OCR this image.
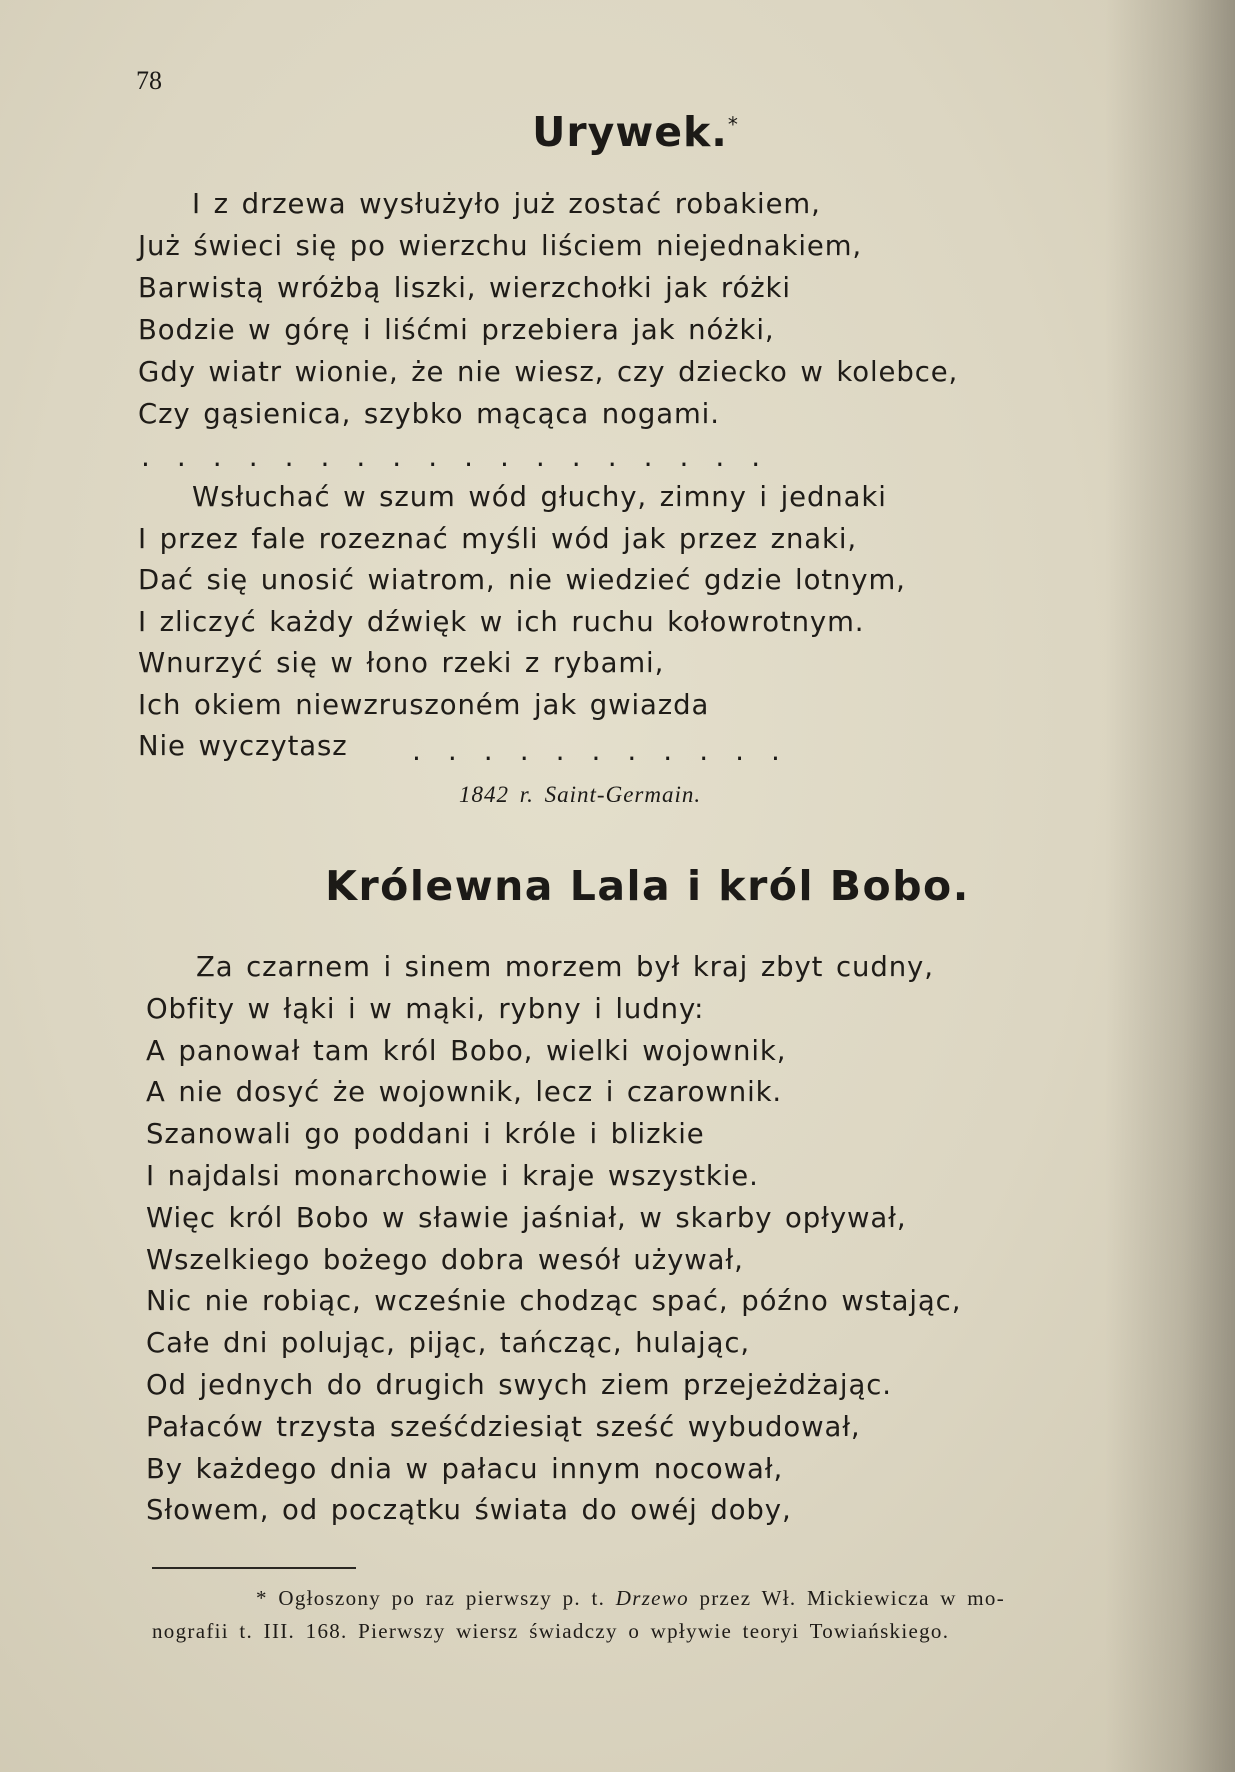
78
Urywek.*
I z drzewa wysłużyło już zostać robakiem,
Już świeci się po wierzchu liściem niejednakiem,
Barwistą wróżbą liszki, wierzchołki jak różki
Bodzie w górę i liśćmi przebiera jak nóżki,
Gdy wiatr wionie, że nie wiesz, czy dziecko w kolebce,
Czy gąsienica, szybko mącąca nogami.
..................
Wsłuchać w szum wód głuchy, zimny i jednaki
I przez fale rozeznać myśli wód jak przez znaki,
Dać się unosić wiatrom, nie wiedzieć gdzie lotnym,
I zliczyć każdy dźwięk w ich ruchu kołowrotnym.
Wnurzyć się w łono rzeki z rybami,
Ich okiem niewzruszoném jak gwiazda
Nie wyczytasz	...........
1842 r. Saint-Germain.
Królewna Lala i król Bobo.
Za czarnem i sinem morzem był kraj zbyt cudny,
Obfity w łąki i w mąki, rybny i ludny:
A panował tam król Bobo, wielki wojownik,
A nie dosyć że wojownik, lecz i czarownik.
Szanowali go poddani i króle i blizkie
I najdalsi monarchowie i kraje wszystkie.
Więc król Bobo w sławie jaśniał, w skarby opływał,
Wszelkiego bożego dobra wesół używał,
Nic nie robiąc, wcześnie chodząc spać, późno wstając,
Całe dni polując, pijąc, tańcząc, hulając,
Od jednych do drugich swych ziem przejeżdżając.
Pałaców trzysta sześćdziesiąt sześć wybudował,
By każdego dnia w pałacu innym nocował,
Słowem, od początku świata do owéj doby,
* Ogłoszony po raz pierwszy p. t. Drzewo przez Wł. Mickiewicza w mo-
nografii t. III. 168. Pierwszy wiersz świadczy o wpływie teoryi Towiańskiego.
